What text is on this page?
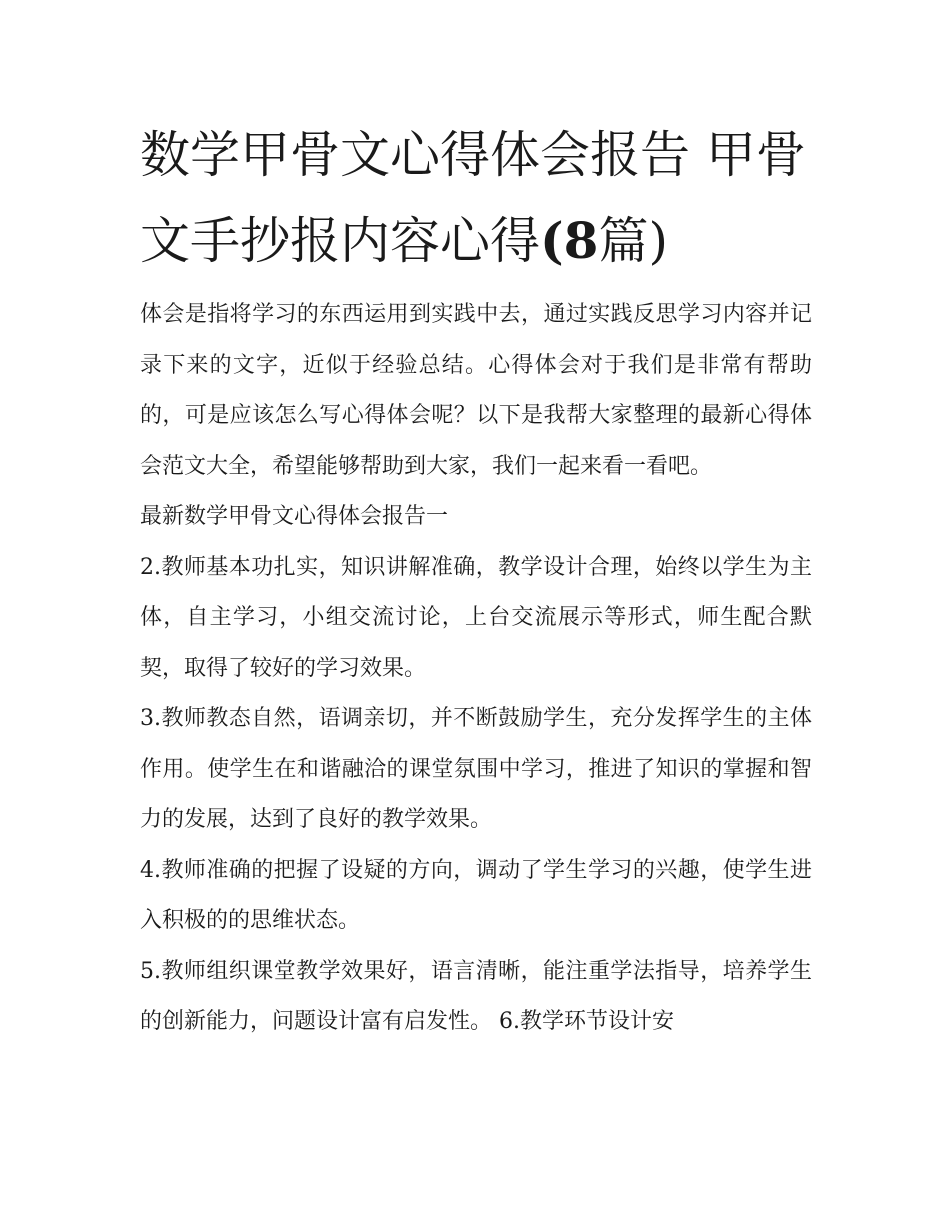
数学甲骨文心得体会报告 甲骨文手抄报内容心得(8篇)

体会是指将学习的东西运用到实践中去，通过实践反思学习内容并记录下来的文字，近似于经验总结。心得体会对于我们是非常有帮助的，可是应该怎么写心得体会呢？以下是我帮大家整理的最新心得体会范文大全，希望能够帮助到大家，我们一起来看一看吧。

最新数学甲骨文心得体会报告一

2.教师基本功扎实，知识讲解准确，教学设计合理，始终以学生为主体，自主学习，小组交流讨论，上台交流展示等形式，师生配合默契，取得了较好的学习效果。

3.教师教态自然，语调亲切，并不断鼓励学生，充分发挥学生的主体作用。使学生在和谐融洽的课堂氛围中学习，推进了知识的掌握和智力的发展，达到了良好的教学效果。

4.教师准确的把握了设疑的方向，调动了学生学习的兴趣，使学生进入积极的的思维状态。

5.教师组织课堂教学效果好，语言清晰，能注重学法指导，培养学生的创新能力，问题设计富有启发性。 6.教学环节设计安
